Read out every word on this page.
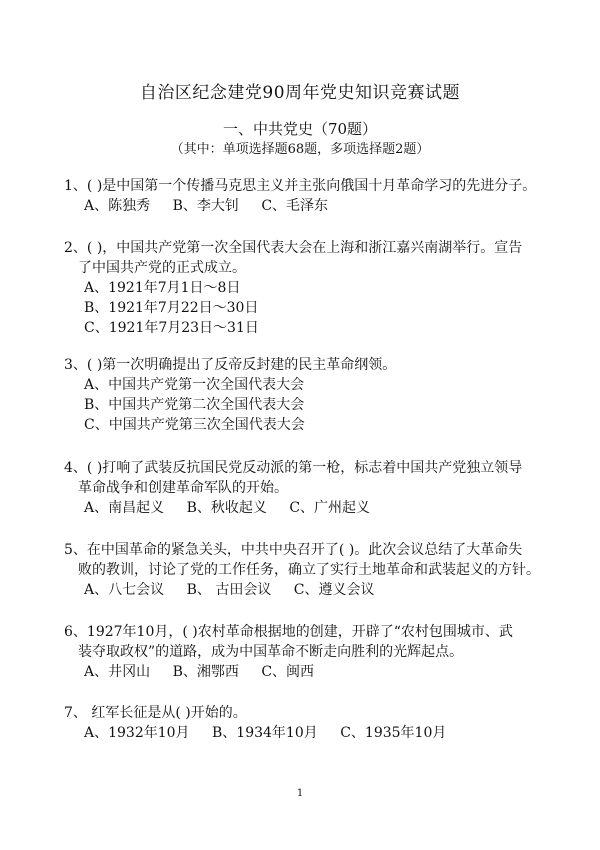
自治区纪念建党90周年党史知识竞赛试题
一、中共党史（70题）
（其中：单项选择题68题，多项选择题2题）
1、( )是中国第一个传播马克思主义并主张向俄国十月革命学习的先进分子。
A、陈独秀 B、李大钊 C、毛泽东
2、( )，中国共产党第一次全国代表大会在上海和浙江嘉兴南湖举行。宣告
了中国共产党的正式成立。
A、1921年7月1日～8日
B、1921年7月22日～30日
C、1921年7月23日～31日
3、( )第一次明确提出了反帝反封建的民主革命纲领。
A、中国共产党第一次全国代表大会
B、中国共产党第二次全国代表大会
C、中国共产党第三次全国代表大会
4、( )打响了武装反抗国民党反动派的第一枪，标志着中国共产党独立领导
革命战争和创建革命军队的开始。
A、南昌起义 B、秋收起义 C、广州起义
5、在中国革命的紧急关头，中共中央召开了( )。此次会议总结了大革命失
败的教训，讨论了党的工作任务，确立了实行土地革命和武装起义的方针。
A、八七会议 B、 古田会议 C、遵义会议
6、1927年10月，( )农村革命根据地的创建，开辟了“农村包围城市、武
装夺取政权”的道路，成为中国革命不断走向胜利的光辉起点。
A、井冈山 B、湘鄂西 C、闽西
7、 红军长征是从( )开始的。
A、1932年10月 B、1934年10月 C、1935年10月
1
